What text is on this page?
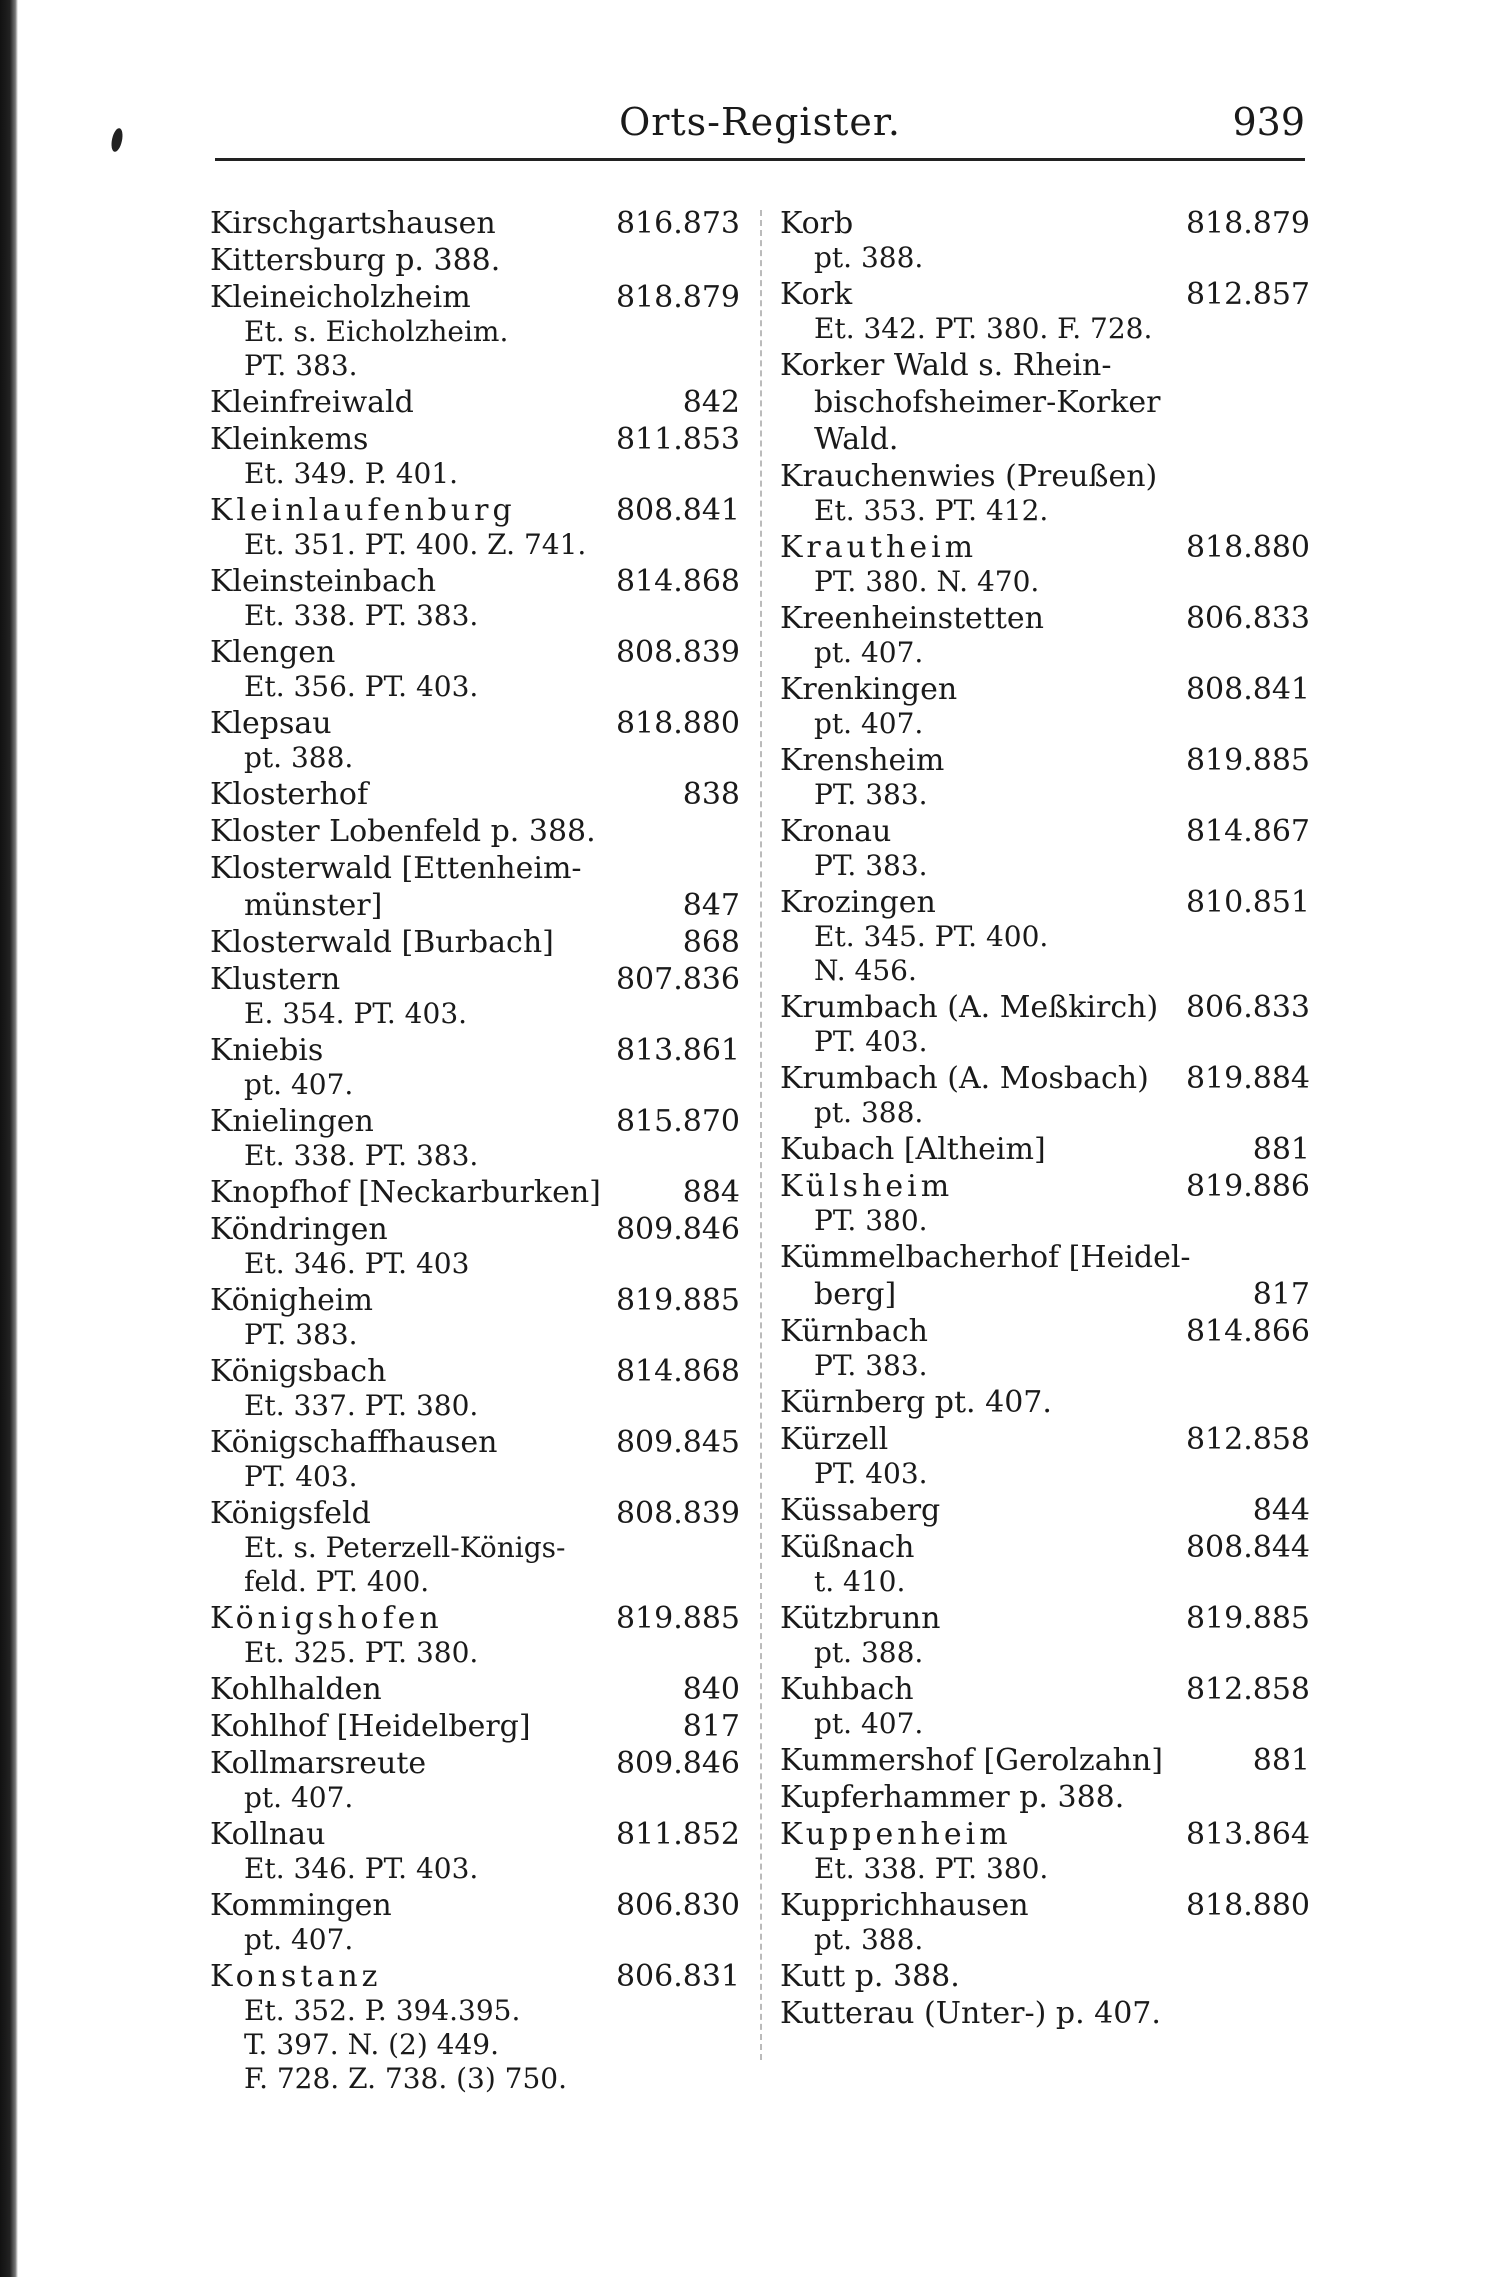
Orts-Register.	939
Kirschgartshausen	816.873
Kittersburg p. 388.
Kleineicholzheim	818.879
Et. s. Eicholzheim.
PT. 383.
Kleinfreiwald	842
Kleinkems	811.853
Et. 349. P. 401.
Kleinlaufenburg	808.841
Et. 351. PT. 400. Z. 741.
Kleinsteinbach	814.868
Et. 338. PT. 383.
Klengen	808.839
Et. 356. PT. 403.
Klepsau	818.880
pt. 388.
Klosterhof	838
Kloster Lobenfeld p. 388.
Klosterwald [Ettenheim-
münster]	847
Klosterwald [Burbach]	868
Klustern	807.836
E. 354. PT. 403.
Kniebis	813.861
pt. 407.
Knielingen	815.870
Et. 338. PT. 383.
Knopfhof [Neckarburken]	884
Köndringen	809.846
Et. 346. PT. 403
Königheim	819.885
PT. 383.
Königsbach	814.868
Et. 337. PT. 380.
Königschaffhausen	809.845
PT. 403.
Königsfeld	808.839
Et. s. Peterzell-Königs-
feld. PT. 400.
Königshofen	819.885
Et. 325. PT. 380.
Kohlhalden	840
Kohlhof [Heidelberg]	817
Kollmarsreute	809.846
pt. 407.
Kollnau	811.852
Et. 346. PT. 403.
Kommingen	806.830
pt. 407.
Konstanz	806.831
Et. 352. P. 394.395.
T. 397. N. (2) 449.
F. 728. Z. 738. (3) 750.
Korb	818.879
pt. 388.
Kork	812.857
Et. 342. PT. 380. F. 728.
Korker Wald s. Rhein-
bischofsheimer-Korker
Wald.
Krauchenwies (Preußen)
Et. 353. PT. 412.
Krautheim	818.880
PT. 380. N. 470.
Kreenheinstetten	806.833
pt. 407.
Krenkingen	808.841
pt. 407.
Krensheim	819.885
PT. 383.
Kronau	814.867
PT. 383.
Krozingen	810.851
Et. 345. PT. 400.
N. 456.
Krumbach (A. Meßkirch) 806.833
PT. 403.
Krumbach (A. Mosbach)	819.884
pt. 388.
Kubach [Altheim]	881
Külsheim	819.886
PT. 380.
Kümmelbacherhof [Heidel-
berg]	817
Kürnbach	814.866
PT. 383.
Kürnberg pt. 407.
Kürzell	812.858
PT. 403.
Küssaberg	844
Küßnach	808.844
t. 410.
Kützbrunn	819.885
pt. 388.
Kuhbach	812.858
pt. 407.
Kummershof [Gerolzahn]	881
Kupferhammer p. 388.
Kuppenheim	813.864
Et. 338. PT. 380.
Kupprichhausen	818.880
pt. 388.
Kutt p. 388.
Kutterau (Unter-) p. 407.
